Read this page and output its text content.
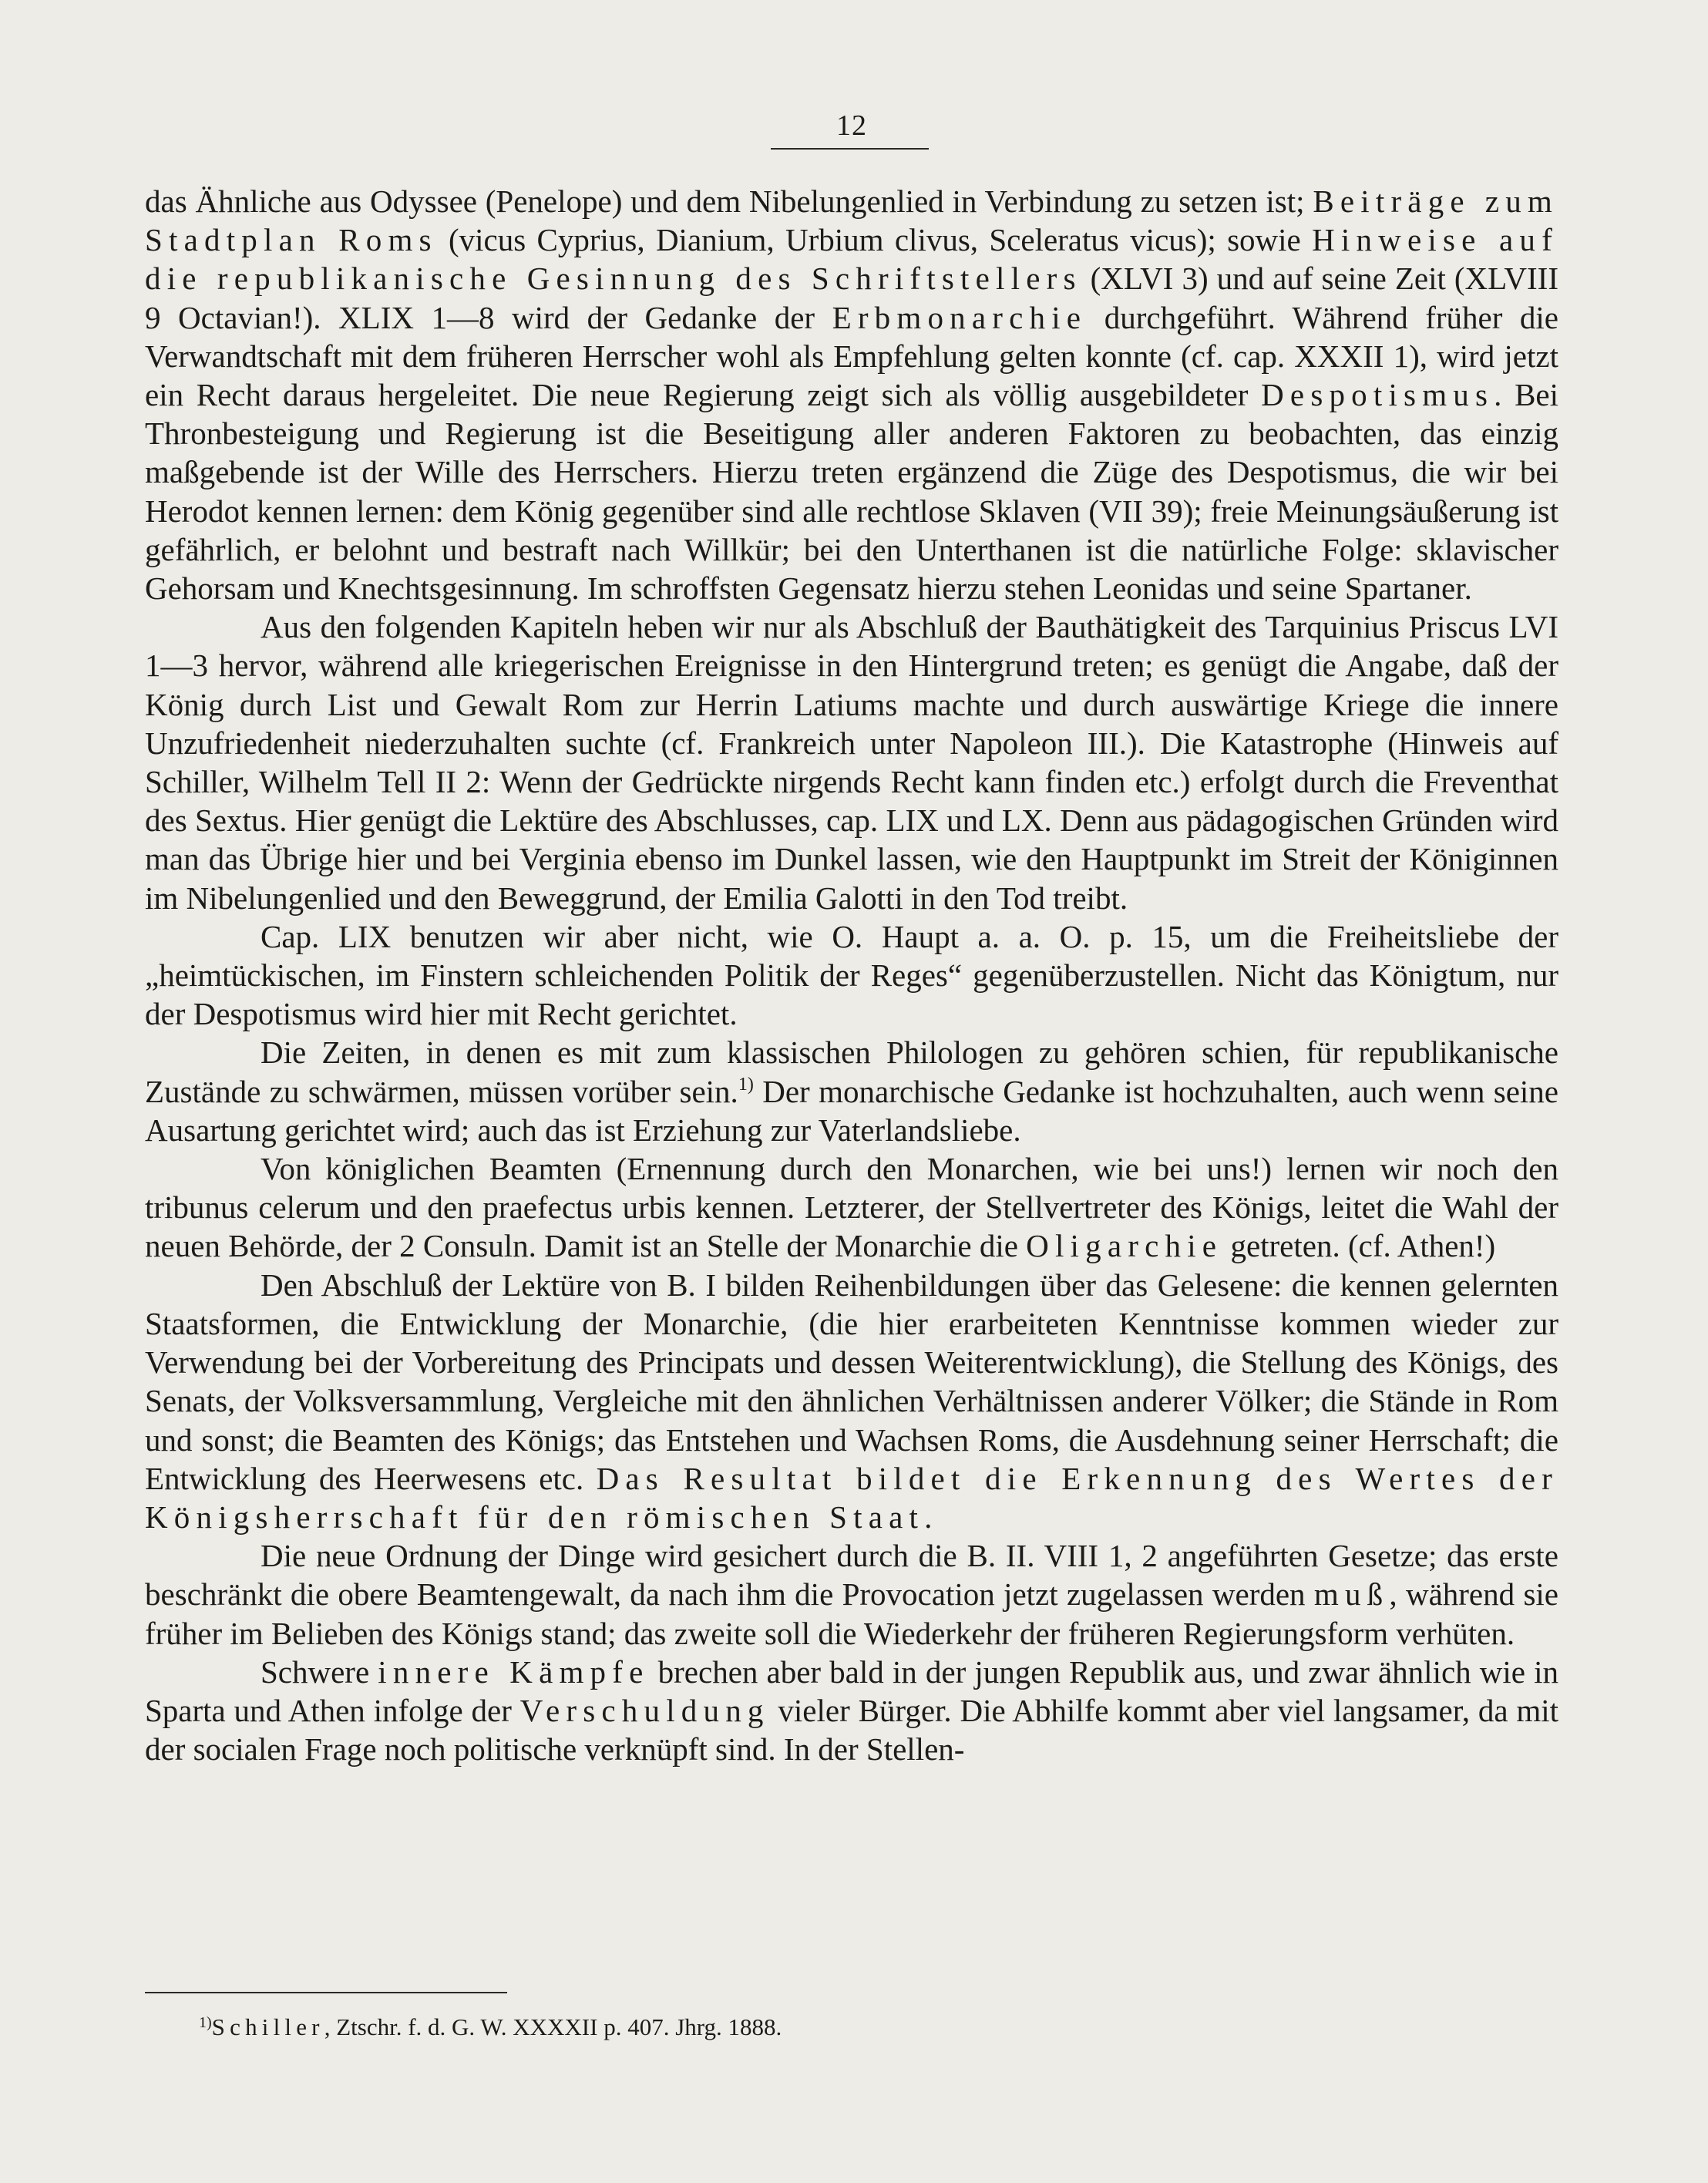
12

das Ähnliche aus Odyssee (Penelope) und dem Nibelungenlied in Verbindung zu setzen ist; Beiträge zum Stadtplan Roms (vicus Cyprius, Dianium, Urbium clivus, Sceleratus vicus); sowie Hinweise auf die republikanische Gesinnung des Schriftstellers (XLVI 3) und auf seine Zeit (XLVIII 9 Octavian!). XLIX 1—8 wird der Gedanke der Erbmonarchie durchgeführt. Während früher die Verwandtschaft mit dem früheren Herrscher wohl als Empfehlung gelten konnte (cf. cap. XXXII 1), wird jetzt ein Recht daraus hergeleitet. Die neue Regierung zeigt sich als völlig ausgebildeter Despotismus. Bei Thronbesteigung und Regierung ist die Beseitigung aller anderen Faktoren zu beobachten, das einzig maßgebende ist der Wille des Herrschers. Hierzu treten ergänzend die Züge des Despotismus, die wir bei Herodot kennen lernen: dem König gegenüber sind alle rechtlose Sklaven (VII 39); freie Meinungsäußerung ist gefährlich, er belohnt und bestraft nach Willkür; bei den Unterthanen ist die natürliche Folge: sklavischer Gehorsam und Knechtsgesinnung. Im schroffsten Gegensatz hierzu stehen Leonidas und seine Spartaner.

Aus den folgenden Kapiteln heben wir nur als Abschluß der Bauthätigkeit des Tarquinius Priscus LVI 1—3 hervor, während alle kriegerischen Ereignisse in den Hintergrund treten; es genügt die Angabe, daß der König durch List und Gewalt Rom zur Herrin Latiums machte und durch auswärtige Kriege die innere Unzufriedenheit niederzuhalten suchte (cf. Frankreich unter Napoleon III.). Die Katastrophe (Hinweis auf Schiller, Wilhelm Tell II 2: Wenn der Gedrückte nirgends Recht kann finden etc.) erfolgt durch die Freventhat des Sextus. Hier genügt die Lektüre des Abschlusses, cap. LIX und LX. Denn aus pädagogischen Gründen wird man das Übrige hier und bei Verginia ebenso im Dunkel lassen, wie den Hauptpunkt im Streit der Königinnen im Nibelungenlied und den Beweggrund, der Emilia Galotti in den Tod treibt.

Cap. LIX benutzen wir aber nicht, wie O. Haupt a. a. O. p. 15, um die Freiheitsliebe der „heimtückischen, im Finstern schleichenden Politik der Reges“ gegenüberzustellen. Nicht das Königtum, nur der Despotismus wird hier mit Recht gerichtet.

Die Zeiten, in denen es mit zum klassischen Philologen zu gehören schien, für republikanische Zustände zu schwärmen, müssen vorüber sein.$^{1)}$ Der monarchische Gedanke ist hochzuhalten, auch wenn seine Ausartung gerichtet wird; auch das ist Erziehung zur Vaterlandsliebe.

Von königlichen Beamten (Ernennung durch den Monarchen, wie bei uns!) lernen wir noch den tribunus celerum und den praefectus urbis kennen. Letzterer, der Stellvertreter des Königs, leitet die Wahl der neuen Behörde, der 2 Consuln. Damit ist an Stelle der Monarchie die Oligarchie getreten. (cf. Athen!)

Den Abschluß der Lektüre von B. I bilden Reihenbildungen über das Gelesene: die kennen gelernten Staatsformen, die Entwicklung der Monarchie, (die hier erarbeiteten Kenntnisse kommen wieder zur Verwendung bei der Vorbereitung des Principats und dessen Weiterentwicklung), die Stellung des Königs, des Senats, der Volksversammlung, Vergleiche mit den ähnlichen Verhältnissen anderer Völker; die Stände in Rom und sonst; die Beamten des Königs; das Entstehen und Wachsen Roms, die Ausdehnung seiner Herrschaft; die Entwicklung des Heerwesens etc. Das Resultat bildet die Erkennung des Wertes der Königsherrschaft für den römischen Staat.

Die neue Ordnung der Dinge wird gesichert durch die B. II. VIII 1, 2 angeführten Gesetze; das erste beschränkt die obere Beamtengewalt, da nach ihm die Provocation jetzt zugelassen werden muß, während sie früher im Belieben des Königs stand; das zweite soll die Wiederkehr der früheren Regierungsform verhüten.

Schwere innere Kämpfe brechen aber bald in der jungen Republik aus, und zwar ähnlich wie in Sparta und Athen infolge der Verschuldung vieler Bürger. Die Abhilfe kommt aber viel langsamer, da mit der socialen Frage noch politische verknüpft sind. In der Stellen-

$^{1)}$Schiller, Ztschr. f. d. G. W. XXXXII p. 407. Jhrg. 1888.
